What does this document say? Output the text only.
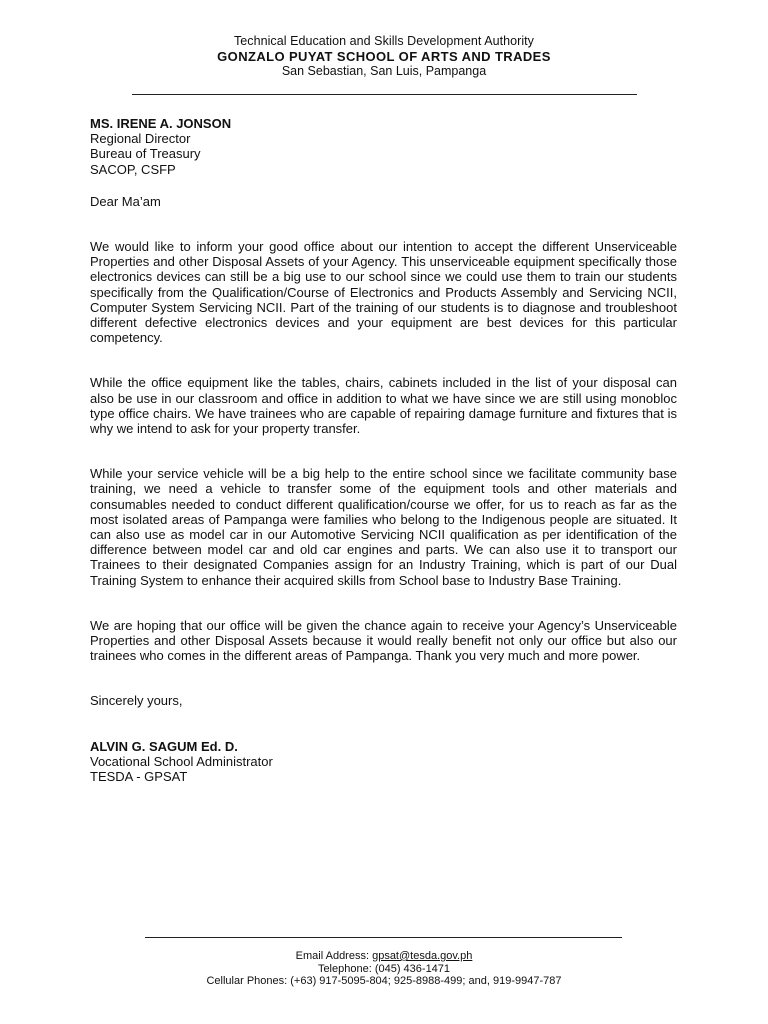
Technical Education and Skills Development Authority
GONZALO PUYAT SCHOOL OF ARTS AND TRADES
San Sebastian, San Luis, Pampanga
MS. IRENE A. JONSON
Regional Director
Bureau of Treasury
SACOP, CSFP
Dear Ma’am

We would like to inform your good office about our intention to accept the different Unserviceable Properties and other Disposal Assets of your Agency. This unserviceable equipment specifically those electronics devices can still be a big use to our school since we could use them to train our students specifically from the Qualification/Course of Electronics and Products Assembly and Servicing NCII, Computer System Servicing NCII. Part of the training of our students is to diagnose and troubleshoot different defective electronics devices and your equipment are best devices for this particular competency.

While the office equipment like the tables, chairs, cabinets included in the list of your disposal can also be use in our classroom and office in addition to what we have since we are still using monobloc type office chairs. We have trainees who are capable of repairing damage furniture and fixtures that is why we intend to ask for your property transfer.

While your service vehicle will be a big help to the entire school since we facilitate community base training, we need a vehicle to transfer some of the equipment tools and other materials and consumables needed to conduct different qualification/course we offer, for us to reach as far as the most isolated areas of Pampanga were families who belong to the Indigenous people are situated. It can also use as model car in our Automotive Servicing NCII qualification as per identification of the difference between model car and old car engines and parts. We can also use it to transport our Trainees to their designated Companies assign for an Industry Training, which is part of our Dual Training System to enhance their acquired skills from School base to Industry Base Training.

We are hoping that our office will be given the chance again to receive your Agency’s Unserviceable Properties and other Disposal Assets because it would really benefit not only our office but also our trainees who comes in the different areas of Pampanga. Thank you very much and more power.

Sincerely yours,
ALVIN G. SAGUM Ed. D.
Vocational School Administrator
TESDA - GPSAT
Email Address: gpsat@tesda.gov.ph
Telephone: (045) 436-1471
Cellular Phones: (+63) 917-5095-804; 925-8988-499; and, 919-9947-787
